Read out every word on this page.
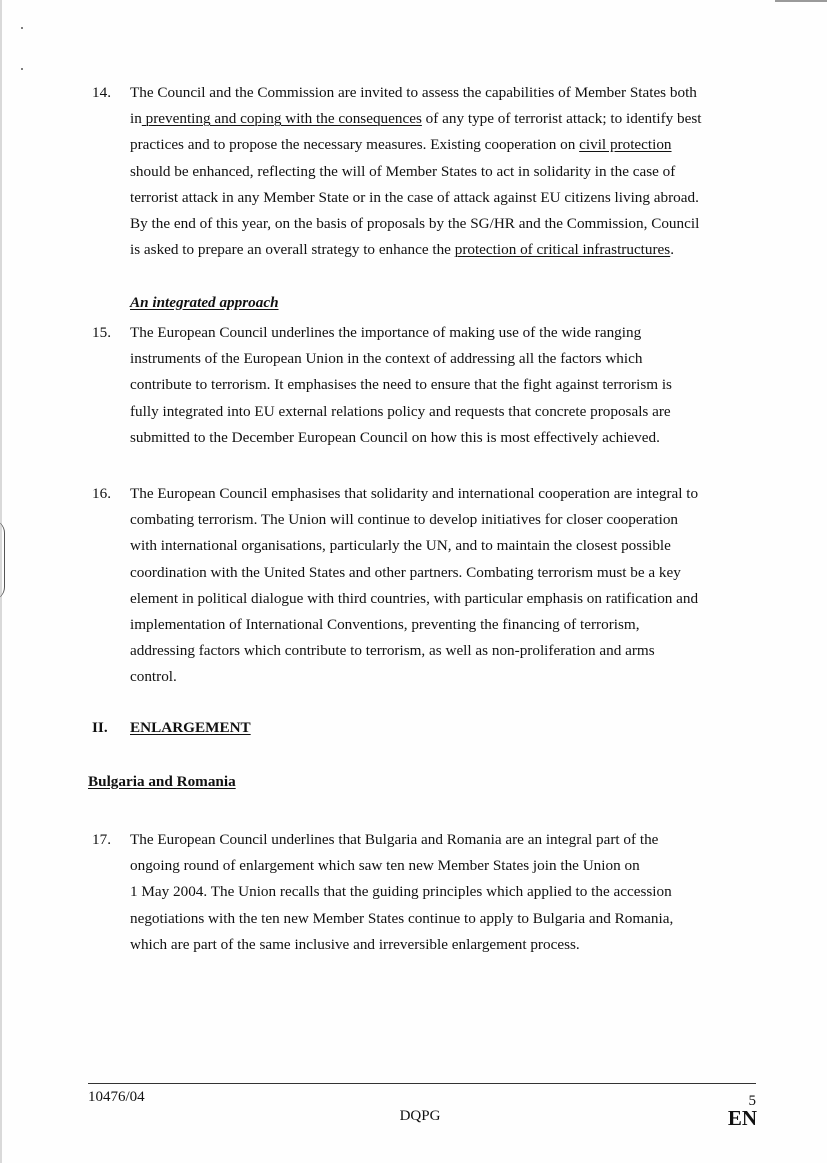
14.	The Council and the Commission are invited to assess the capabilities of Member States both
in preventing and coping with the consequences of any type of terrorist attack; to identify best
practices and to propose the necessary measures. Existing cooperation on civil protection
should be enhanced, reflecting the will of Member States to act in solidarity in the case of
terrorist attack in any Member State or in the case of attack against EU citizens living abroad.
By the end of this year, on the basis of proposals by the SG/HR and the Commission, Council
is asked to prepare an overall strategy to enhance the protection of critical infrastructures.
An integrated approach
15.	The European Council underlines the importance of making use of the wide ranging
instruments of the European Union in the context of addressing all the factors which
contribute to terrorism. It emphasises the need to ensure that the fight against terrorism is
fully integrated into EU external relations policy and requests that concrete proposals are
submitted to the December European Council on how this is most effectively achieved.
16.	The European Council emphasises that solidarity and international cooperation are integral to
combating terrorism. The Union will continue to develop initiatives for closer cooperation
with international organisations, particularly the UN, and to maintain the closest possible
coordination with the United States and other partners. Combating terrorism must be a key
element in political dialogue with third countries, with particular emphasis on ratification and
implementation of International Conventions, preventing the financing of terrorism,
addressing factors which contribute to terrorism, as well as non-proliferation and arms
control.
II. ENLARGEMENT
Bulgaria and Romania
17.	The European Council underlines that Bulgaria and Romania are an integral part of the
ongoing round of enlargement which saw ten new Member States join the Union on
1 May 2004. The Union recalls that the guiding principles which applied to the accession
negotiations with the ten new Member States continue to apply to Bulgaria and Romania,
which are part of the same inclusive and irreversible enlargement process.
10476/04	5
DQPG	EN
